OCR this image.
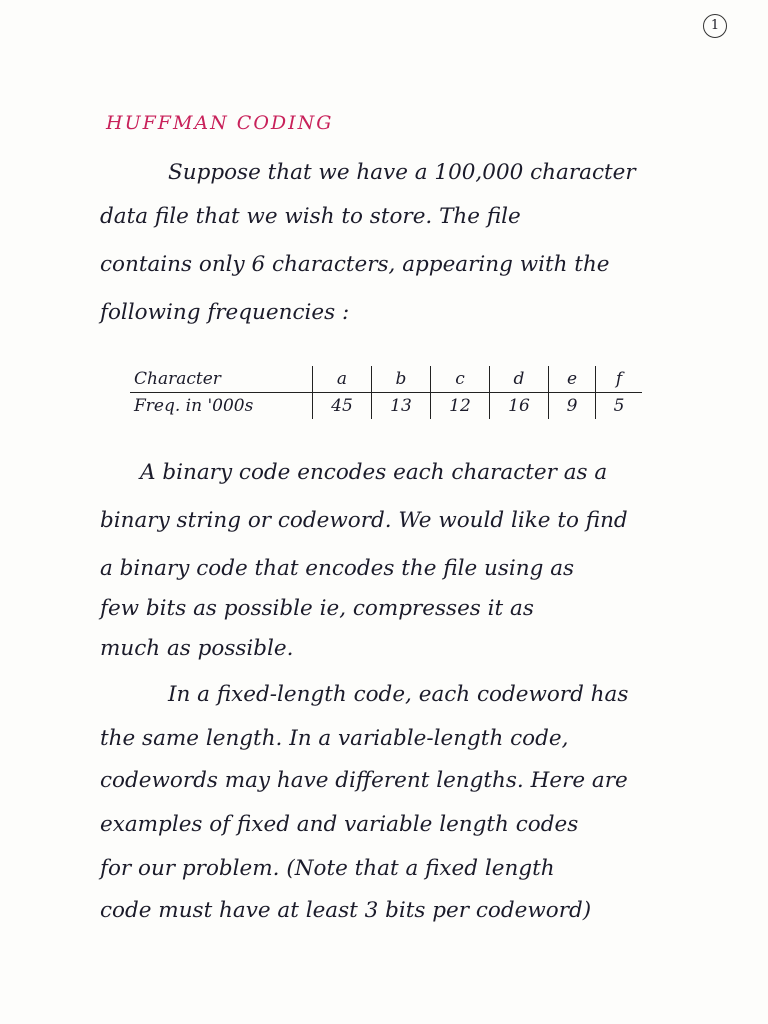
1
HUFFMAN CODING
Suppose that we have a 100,000 character
data file that we wish to store. The file
contains only 6 characters, appearing with the
following frequencies :
Character	a	b	c	d	e	f
Freq. in '000s	45	13	12	16	9	5
A binary code encodes each character as a
binary string or codeword. We would like to find
a binary code that encodes the file using as
few bits as possible ie, compresses it as
much as possible.
In a fixed-length code, each codeword has
the same length. In a variable-length code,
codewords may have different lengths. Here are
examples of fixed and variable length codes
for our problem. (Note that a fixed length
code must have at least 3 bits per codeword)
